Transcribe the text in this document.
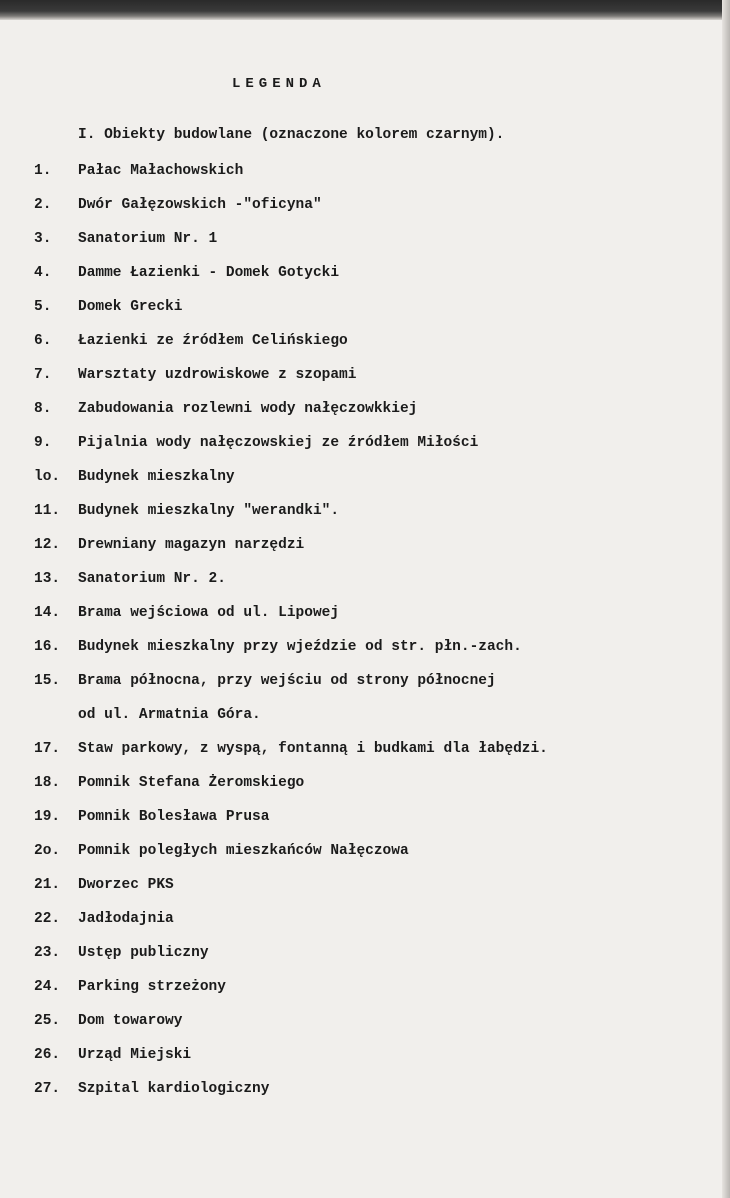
LEGENDA

I. Obiekty budowlane (oznaczone kolorem czarnym).

1. Pałac Małachowskich
2. Dwór Gałęzowskich -"oficyna"
3. Sanatorium Nr. 1
4. Damme Łazienki - Domek Gotycki
5. Domek Grecki
6. Łazienki ze źródłem Celińskiego
7. Warsztaty uzdrowiskowe z szopami
8. Zabudowania rozlewni wody nałęczowkkiej
9. Pijalnia wody nałęczowskiej ze źródłem Miłości
lo. Budynek mieszkalny
11. Budynek mieszkalny "werandki".
12. Drewniany magazyn narzędzi
13. Sanatorium Nr. 2.
14. Brama wejściowa od ul. Lipowej
16. Budynek mieszkalny przy wjeździe od str. płn.-zach.
15. Brama północna, przy wejściu od strony północnej
od ul. Armatnia Góra.
17. Staw parkowy, z wyspą, fontanną i budkami dla łabędzi.
18. Pomnik Stefana Żeromskiego
19. Pomnik Bolesława Prusa
2o. Pomnik poległych mieszkańców Nałęczowa
21. Dworzec PKS
22. Jadłodajnia
23. Ustęp publiczny
24. Parking strzeżony
25. Dom towarowy
26. Urząd Miejski
27. Szpital kardiologiczny
